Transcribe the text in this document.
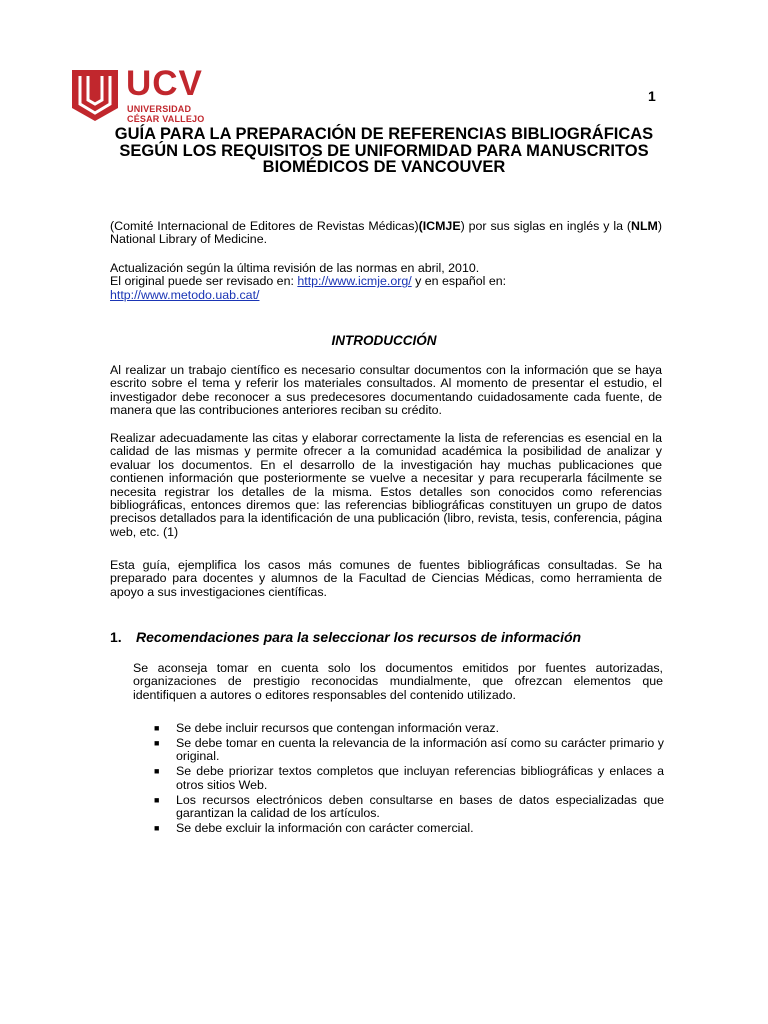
UCV
UNIVERSIDAD
CÉSAR VALLEJO
1
GUÍA PARA LA PREPARACIÓN DE REFERENCIAS BIBLIOGRÁFICAS SEGÚN LOS REQUISITOS DE UNIFORMIDAD PARA MANUSCRITOS BIOMÉDICOS DE VANCOUVER

(Comité Internacional de Editores de Revistas Médicas)(ICMJE) por sus siglas en inglés y la (NLM) National Library of Medicine.

Actualización según la última revisión de las normas en abril, 2010.

El original puede ser revisado en: http://www.icmje.org/ y en español en:

http://www.metodo.uab.cat/

INTRODUCCIÓN

Al realizar un trabajo científico es necesario consultar documentos con la información que se haya escrito sobre el tema y referir los materiales consultados. Al momento de presentar el estudio, el investigador debe reconocer a sus predecesores documentando cuidadosamente cada fuente, de manera que las contribuciones anteriores reciban su crédito.

Realizar adecuadamente las citas y elaborar correctamente la lista de referencias es esencial en la calidad de las mismas y permite ofrecer a la comunidad académica la posibilidad de analizar y evaluar los documentos. En el desarrollo de la investigación hay muchas publicaciones que contienen información que posteriormente se vuelve a necesitar y para recuperarla fácilmente se necesita registrar los detalles de la misma. Estos detalles son conocidos como referencias bibliográficas, entonces diremos que: las referencias bibliográficas constituyen un grupo de datos precisos detallados para la identificación de una publicación (libro, revista, tesis, conferencia, página web, etc. (1)

Esta guía, ejemplifica los casos más comunes de fuentes bibliográficas consultadas. Se ha preparado para docentes y alumnos de la Facultad de Ciencias Médicas, como herramienta de apoyo a sus investigaciones científicas.

1. Recomendaciones para la seleccionar los recursos de información

Se aconseja tomar en cuenta solo los documentos emitidos por fuentes autorizadas, organizaciones de prestigio reconocidas mundialmente, que ofrezcan elementos que identifiquen a autores o editores responsables del contenido utilizado.

■ Se debe incluir recursos que contengan información veraz.
■ Se debe tomar en cuenta la relevancia de la información así como su carácter primario y original.
■ Se debe priorizar textos completos que incluyan referencias bibliográficas y enlaces a otros sitios Web.
■ Los recursos electrónicos deben consultarse en bases de datos especializadas que garantizan la calidad de los artículos.
■ Se debe excluir la información con carácter comercial.
